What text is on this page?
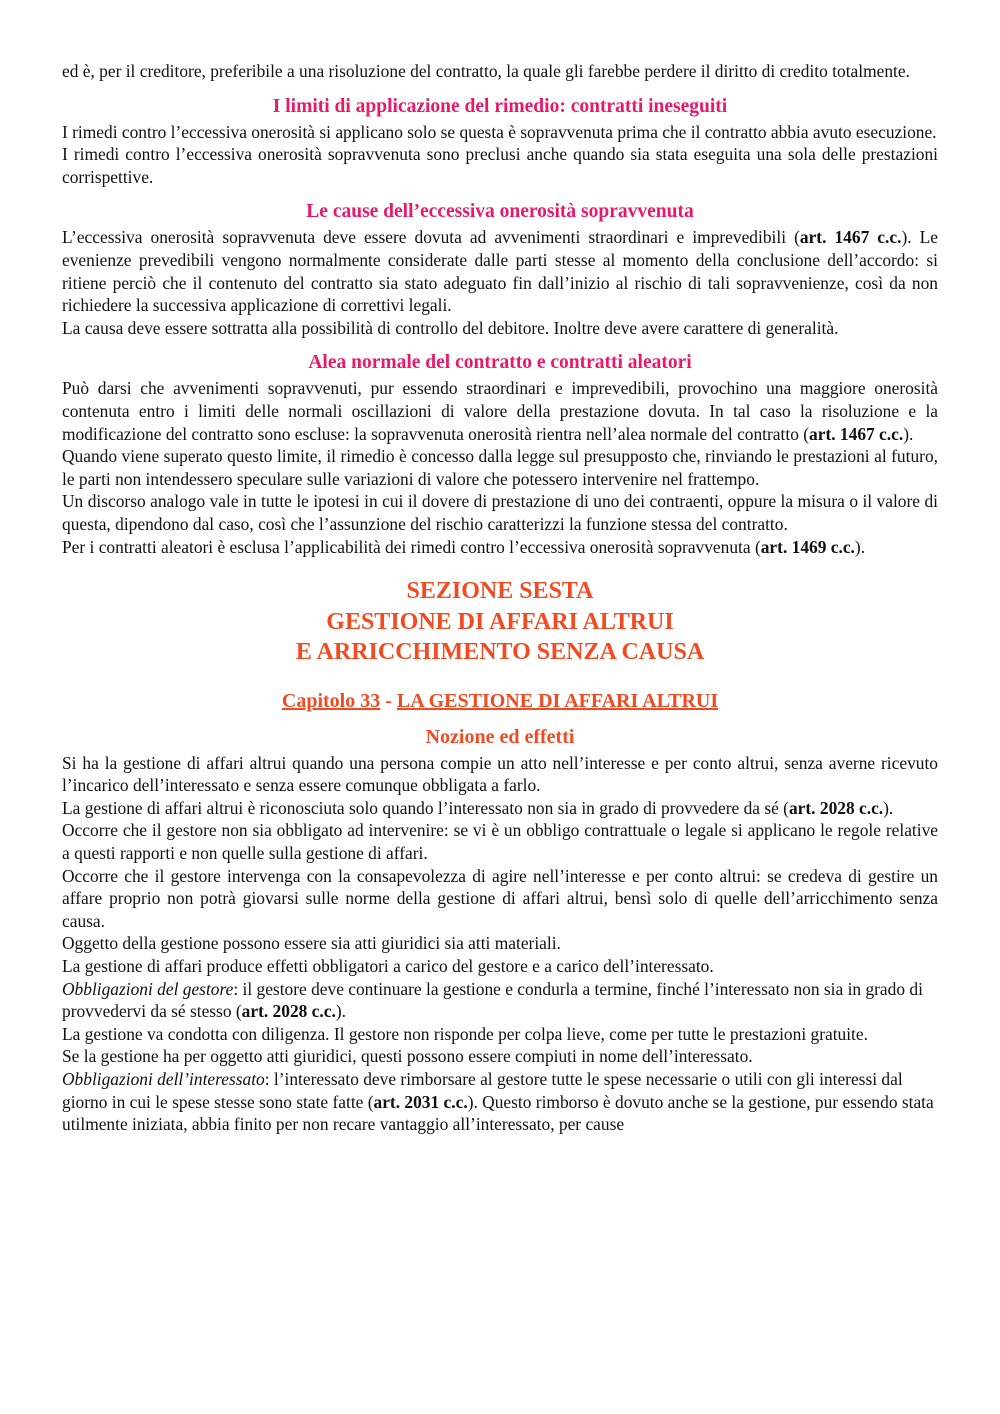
ed è, per il creditore, preferibile a una risoluzione del contratto, la quale gli farebbe perdere il diritto di credito totalmente.

I limiti di applicazione del rimedio: contratti ineseguiti

I rimedi contro l’eccessiva onerosità si applicano solo se questa è sopravvenuta prima che il contratto abbia avuto esecuzione.

I rimedi contro l’eccessiva onerosità sopravvenuta sono preclusi anche quando sia stata eseguita una sola delle prestazioni corrispettive.

Le cause dell’eccessiva onerosità sopravvenuta

L’eccessiva onerosità sopravvenuta deve essere dovuta ad avvenimenti straordinari e imprevedibili (art. 1467 c.c.). Le evenienze prevedibili vengono normalmente considerate dalle parti stesse al momento della conclusione dell’accordo: si ritiene perciò che il contenuto del contratto sia stato adeguato fin dall’inizio al rischio di tali sopravvenienze, così da non richiedere la successiva applicazione di correttivi legali.

La causa deve essere sottratta alla possibilità di controllo del debitore. Inoltre deve avere carattere di generalità.

Alea normale del contratto e contratti aleatori

Può darsi che avvenimenti sopravvenuti, pur essendo straordinari e imprevedibili, provochino una maggiore onerosità contenuta entro i limiti delle normali oscillazioni di valore della prestazione dovuta. In tal caso la risoluzione e la modificazione del contratto sono escluse: la sopravvenuta onerosità rientra nell’alea normale del contratto (art. 1467 c.c.).

Quando viene superato questo limite, il rimedio è concesso dalla legge sul presupposto che, rinviando le prestazioni al futuro, le parti non intendessero speculare sulle variazioni di valore che potessero intervenire nel frattempo.

Un discorso analogo vale in tutte le ipotesi in cui il dovere di prestazione di uno dei contraenti, oppure la misura o il valore di questa, dipendono dal caso, così che l’assunzione del rischio caratterizzi la funzione stessa del contratto.

Per i contratti aleatori è esclusa l’applicabilità dei rimedi contro l’eccessiva onerosità sopravvenuta (art. 1469 c.c.).

SEZIONE SESTA
GESTIONE DI AFFARI ALTRUI
E ARRICCHIMENTO SENZA CAUSA
Capitolo 33 - LA GESTIONE DI AFFARI ALTRUI
Nozione ed effetti

Si ha la gestione di affari altrui quando una persona compie un atto nell’interesse e per conto altrui, senza averne ricevuto l’incarico dell’interessato e senza essere comunque obbligata a farlo.

La gestione di affari altrui è riconosciuta solo quando l’interessato non sia in grado di provvedere da sé (art. 2028 c.c.).

Occorre che il gestore non sia obbligato ad intervenire: se vi è un obbligo contrattuale o legale si applicano le regole relative a questi rapporti e non quelle sulla gestione di affari.

Occorre che il gestore intervenga con la consapevolezza di agire nell’interesse e per conto altrui: se credeva di gestire un affare proprio non potrà giovarsi sulle norme della gestione di affari altrui, bensì solo di quelle dell’arricchimento senza causa.

Oggetto della gestione possono essere sia atti giuridici sia atti materiali.

La gestione di affari produce effetti obbligatori a carico del gestore e a carico dell’interessato.

Obbligazioni del gestore: il gestore deve continuare la gestione e condurla a termine, finché l’interessato non sia in grado di provvedervi da sé stesso (art. 2028 c.c.).

La gestione va condotta con diligenza. Il gestore non risponde per colpa lieve, come per tutte le prestazioni gratuite.

Se la gestione ha per oggetto atti giuridici, questi possono essere compiuti in nome dell’interessato.

Obbligazioni dell’interessato: l’interessato deve rimborsare al gestore tutte le spese necessarie o utili con gli interessi dal giorno in cui le spese stesse sono state fatte (art. 2031 c.c.). Questo rimborso è dovuto anche se la gestione, pur essendo stata utilmente iniziata, abbia finito per non recare vantaggio all’interessato, per cause
